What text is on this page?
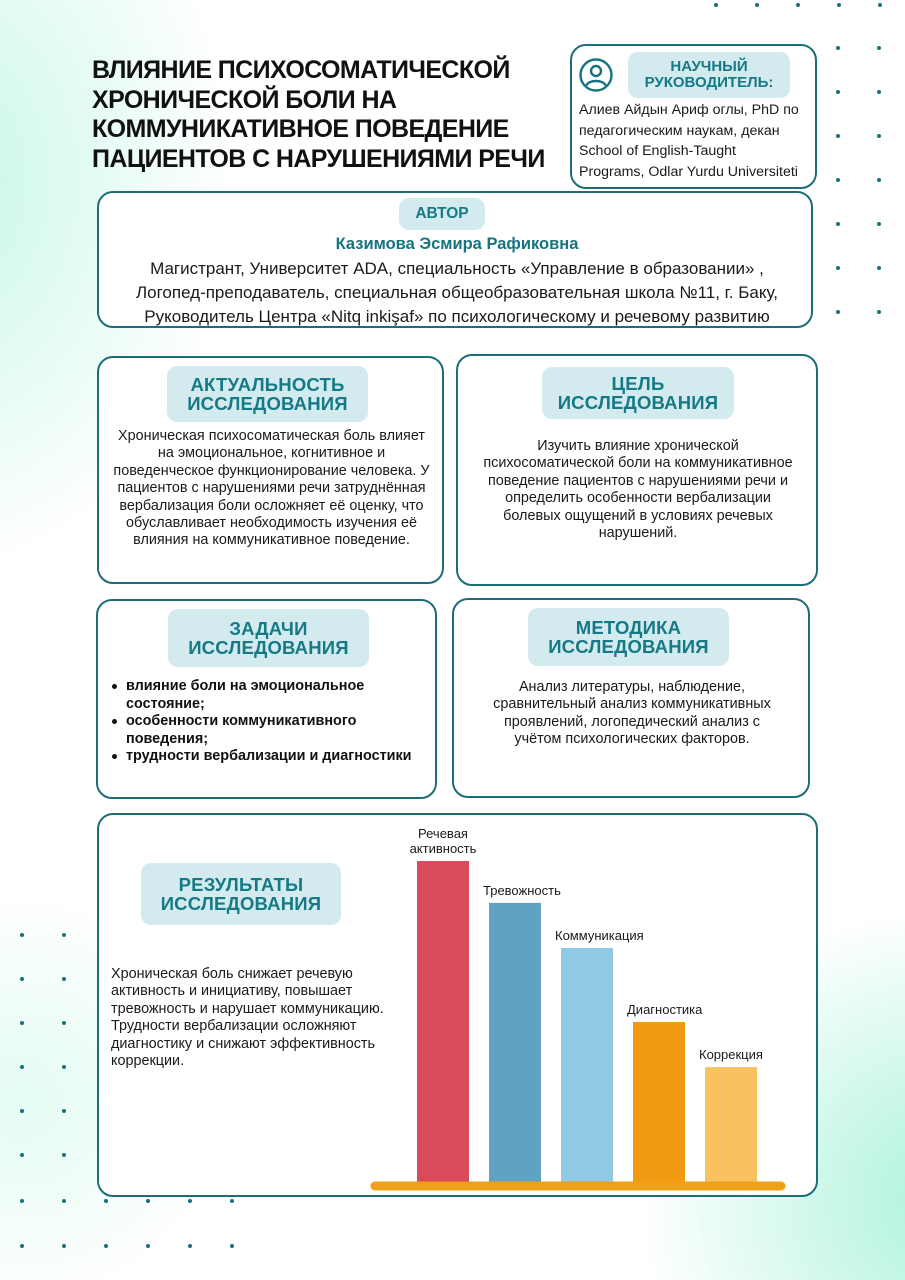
ВЛИЯНИЕ ПСИХОСОМАТИЧЕСКОЙ
ХРОНИЧЕСКОЙ БОЛИ НА
КОММУНИКАТИВНОЕ ПОВЕДЕНИЕ
ПАЦИЕНТОВ С НАРУШЕНИЯМИ РЕЧИ
НАУЧНЫЙ
РУКОВОДИТЕЛЬ:

Алиев Айдын Ариф оглы, PhD по
педагогическим наукам, декан
School of English-Taught
Programs, Odlar Yurdu Universiteti

АВТОР
Казимова Эсмира Рафиковна

Магистрант, Университет ADA, специальность «Управление в образовании» ,
Логопед-преподаватель, специальная общеобразовательная школа №11, г. Баку,
Руководитель Центра «Nitq inkişaf» по психологическому и речевому развитию

АКТУАЛЬНОСТЬ
ИССЛЕДОВАНИЯ

Хроническая психосоматическая боль влияет
на эмоциональное, когнитивное и
поведенческое функционирование человека. У
пациентов с нарушениями речи затруднённая
вербализация боли осложняет её оценку, что
обуславливает необходимость изучения её
влияния на коммуникативное поведение.

ЦЕЛЬ
ИССЛЕДОВАНИЯ

Изучить влияние хронической
психосоматической боли на коммуникативное
поведение пациентов с нарушениями речи и
определить особенности вербализации
болевых ощущений в условиях речевых
нарушений.

ЗАДАЧИ
ИССЛЕДОВАНИЯ
влияние боли на эмоциональное
состояние;
особенности коммуникативного
поведения;
трудности вербализации и диагностики
МЕТОДИКА
ИССЛЕДОВАНИЯ

Анализ литературы, наблюдение,
сравнительный анализ коммуникативных
проявлений, логопедический анализ с
учётом психологических факторов.

РЕЗУЛЬТАТЫ
ИССЛЕДОВАНИЯ

Хроническая боль снижает речевую
активность и инициативу, повышает
тревожность и нарушает коммуникацию.
Трудности вербализации осложняют
диагностику и снижают эффективность
коррекции.

Речевая активность
Тревожность
Коммуникация
Диагностика
Коррекция
